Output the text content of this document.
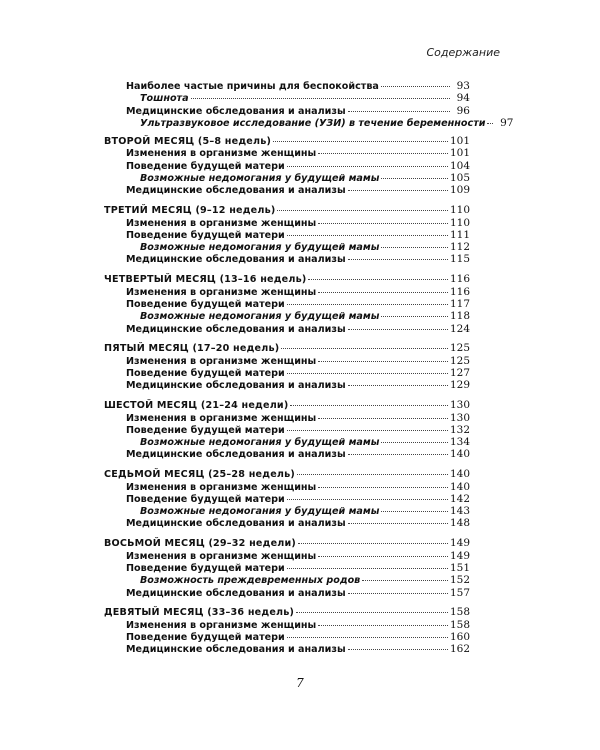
Содержание
Наиболее частые причины для беспокойства	93
Тошнота	94
Медицинские обследования и анализы	96
Ультразвуковое исследование (УЗИ) в течение беременности	97
ВТОРОЙ МЕСЯЦ (5–8 недель)	101
Изменения в организме женщины	101
Поведение будущей матери	104
Возможные недомогания у будущей мамы	105
Медицинские обследования и анализы	109
ТРЕТИЙ МЕСЯЦ (9–12 недель)	110
Изменения в организме женщины	110
Поведение будущей матери	111
Возможные недомогания у будущей мамы	112
Медицинские обследования и анализы	115
ЧЕТВЕРТЫЙ МЕСЯЦ (13–16 недель)	116
Изменения в организме женщины	116
Поведение будущей матери	117
Возможные недомогания у будущей мамы	118
Медицинские обследования и анализы	124
ПЯТЫЙ МЕСЯЦ (17–20 недель)	125
Изменения в организме женщины	125
Поведение будущей матери	127
Медицинские обследования и анализы	129
ШЕСТОЙ МЕСЯЦ (21–24 недели)	130
Изменения в организме женщины	130
Поведение будущей матери	132
Возможные недомогания у будущей мамы	134
Медицинские обследования и анализы	140
СЕДЬМОЙ МЕСЯЦ (25–28 недель)	140
Изменения в организме женщины	140
Поведение будущей матери	142
Возможные недомогания у будущей мамы	143
Медицинские обследования и анализы	148
ВОСЬМОЙ МЕСЯЦ (29–32 недели)	149
Изменения в организме женщины	149
Поведение будущей матери	151
Возможность преждевременных родов	152
Медицинские обследования и анализы	157
ДЕВЯТЫЙ МЕСЯЦ (33–36 недель)	158
Изменения в организме женщины	158
Поведение будущей матери	160
Медицинские обследования и анализы	162
7
